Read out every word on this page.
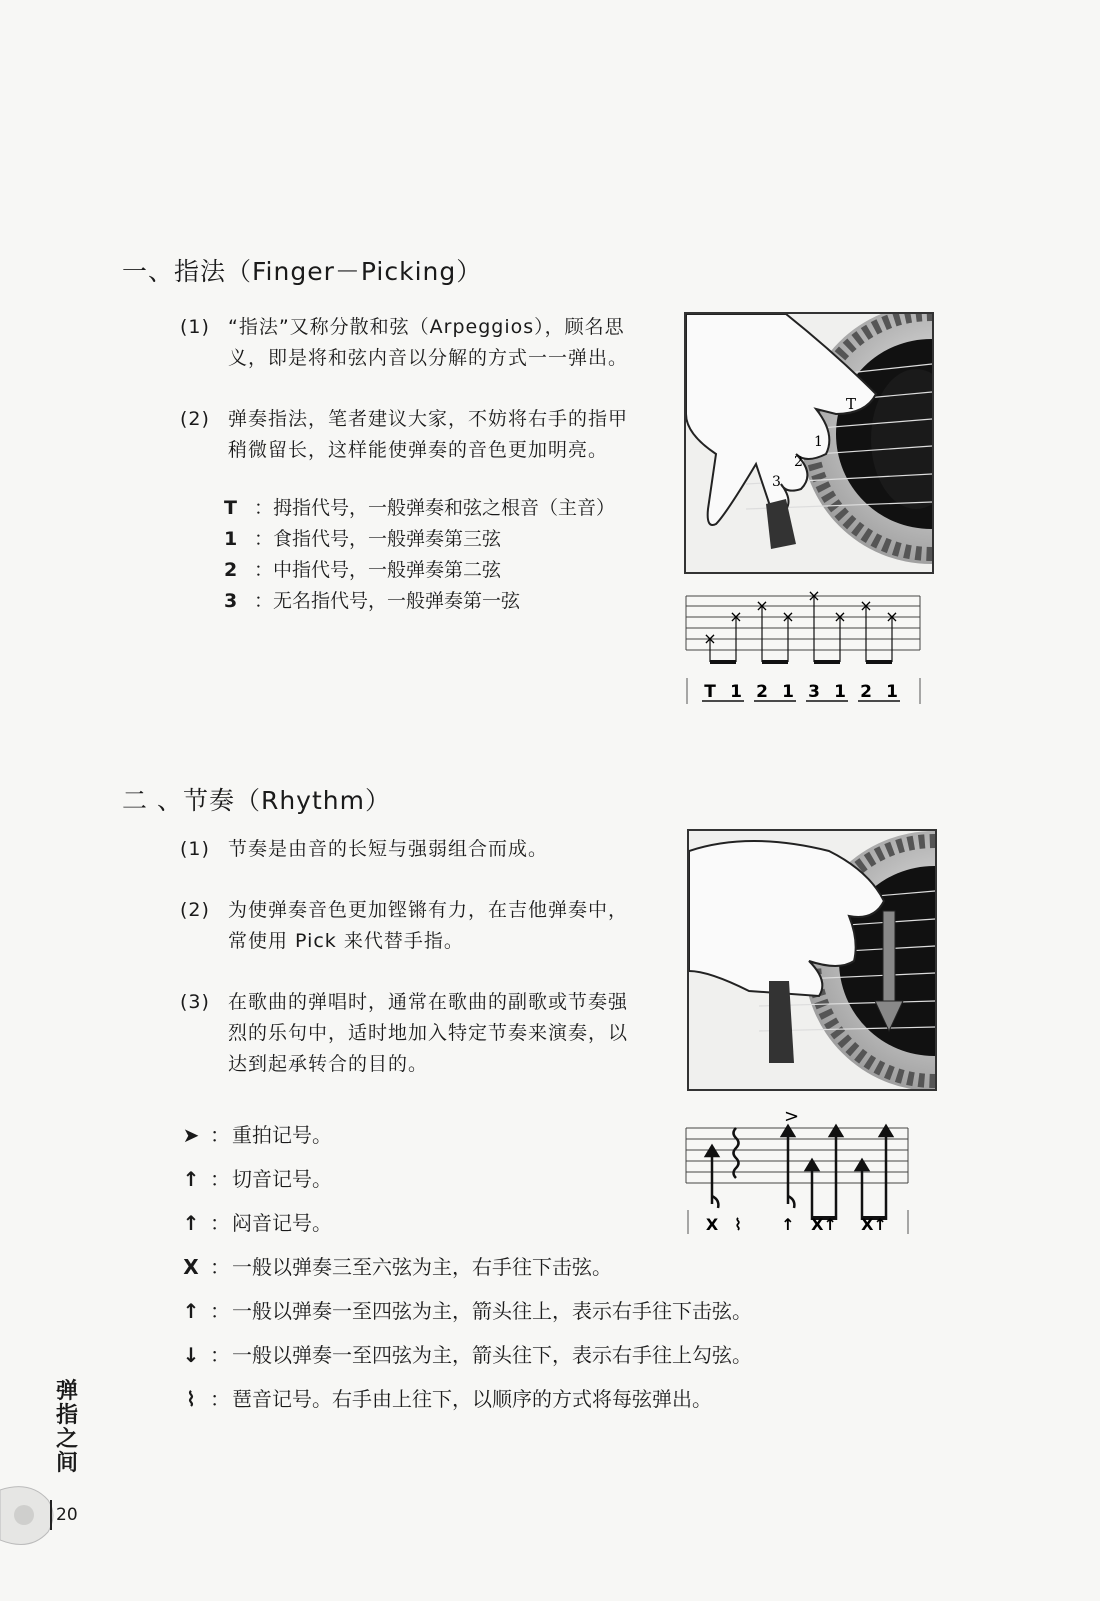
一、指法（Finger－Picking）
(1) “指法”又称分散和弦（Arpeggios），顾名思
义，即是将和弦内音以分解的方式一一弹出。
(2) 弹奏指法，笔者建议大家，不妨将右手的指甲
稍微留长，这样能使弹奏的音色更加明亮。
T ：拇指代号，一般弹奏和弦之根音（主音）
1 ：食指代号，一般弹奏第三弦
2 ：中指代号，一般弹奏第二弦
3 ：无名指代号，一般弹奏第一弦
T
1
2
3
×
×
×
×
×
×
×
×
T 1 2 1 3 1 2 1
二 、节奏（Rhythm）
(1) 节奏是由音的长短与强弱组合而成。
(2) 为使弹奏音色更加铿锵有力，在吉他弹奏中，
常使用 Pick 来代替手指。
(3) 在歌曲的弹唱时，通常在歌曲的副歌或节奏强
烈的乐句中，适时地加入特定节奏来演奏，以
达到起承转合的目的。
>
X ⌇ ↑ X↑ X↑
➤ ： 重拍记号。
↑ ： 切音记号。
↑ ： 闷音记号。
X ： 一般以弹奏三至六弦为主，右手往下击弦。
↑ ： 一般以弹奏一至四弦为主，箭头往上，表示右手往下击弦。
↓ ： 一般以弹奏一至四弦为主，箭头往下，表示右手往上勾弦。
⌇ ： 琶音记号。右手由上往下，以顺序的方式将每弦弹出。
弹
指
之
间
20
